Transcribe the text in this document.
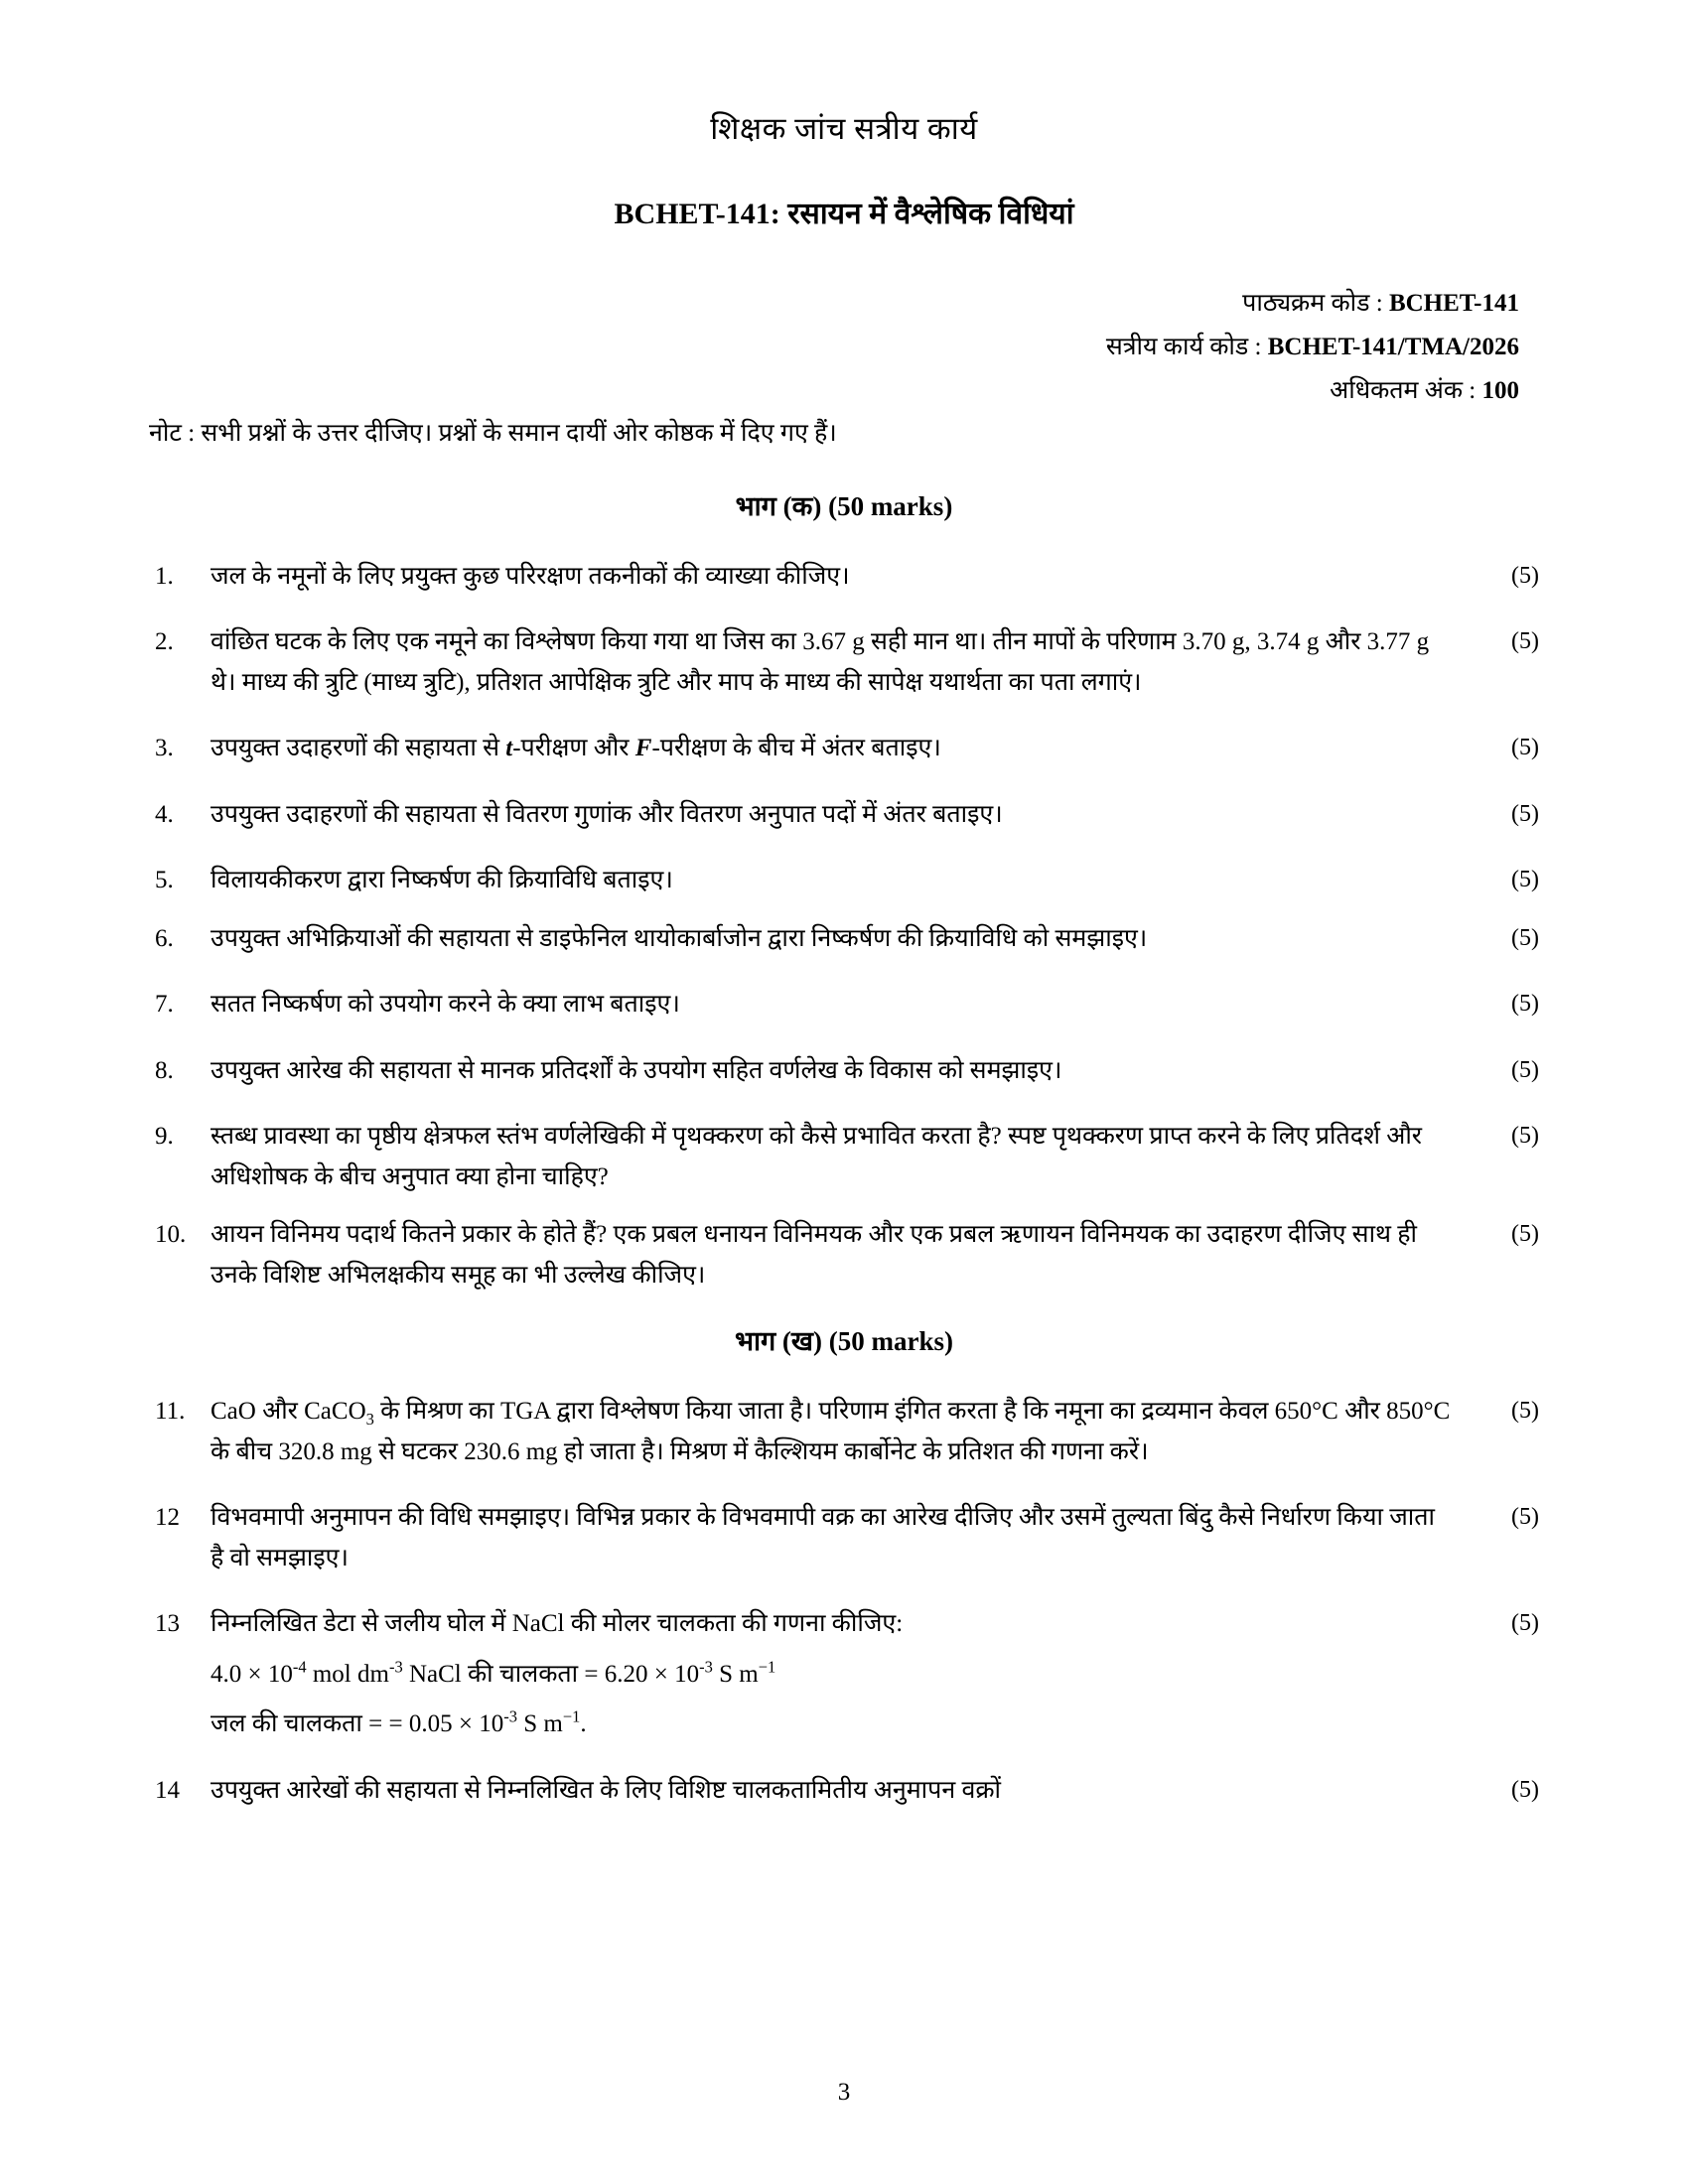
शिक्षक जांच सत्रीय कार्य
BCHET-141: रसायन में वैश्लेषिक विधियां
पाठ्यक्रम कोड : BCHET-141
सत्रीय कार्य कोड : BCHET-141/TMA/2026
अधिकतम अंक : 100
नोट : सभी प्रश्नों के उत्तर दीजिए। प्रश्नों के समान दायीं ओर कोष्ठक में दिए गए हैं।
भाग (क) (50 marks)
1.	जल के नमूनों के लिए प्रयुक्त कुछ परिरक्षण तकनीकों की व्याख्या कीजिए।	(5)
2.	वांछित घटक के लिए एक नमूने का विश्लेषण किया गया था जिस का 3.67 g सही मान था। तीन मापों के परिणाम 3.70 g, 3.74 g और 3.77 g थे। माध्य की त्रुटि (माध्य त्रुटि), प्रतिशत आपेक्षिक त्रुटि और माप के माध्य की सापेक्ष यथार्थता का पता लगाएं।
(5)
3.	उपयुक्त उदाहरणों की सहायता से t-परीक्षण और F-परीक्षण के बीच में अंतर बताइए।	(5)
4.	उपयुक्त उदाहरणों की सहायता से वितरण गुणांक और वितरण अनुपात पदों में अंतर बताइए।	(5)
5.	विलायकीकरण द्वारा निष्कर्षण की क्रियाविधि बताइए।	(5)
6.	उपयुक्त अभिक्रियाओं की सहायता से डाइफेनिल थायोकार्बाजोन द्वारा निष्कर्षण की क्रियाविधि को समझाइए।	(5)
7.	सतत निष्कर्षण को उपयोग करने के क्या लाभ बताइए।	(5)
8.	उपयुक्त आरेख की सहायता से मानक प्रतिदर्शों के उपयोग सहित वर्णलेख के विकास को समझाइए।	(5)
9.	स्तब्ध प्रावस्था का पृष्ठीय क्षेत्रफल स्तंभ वर्णलेखिकी में पृथक्करण को कैसे प्रभावित करता है? स्पष्ट पृथक्करण प्राप्त करने के लिए प्रतिदर्श और अधिशोषक के बीच अनुपात क्या होना चाहिए?
(5)
10. आयन विनिमय पदार्थ कितने प्रकार के होते हैं? एक प्रबल धनायन विनिमयक और एक प्रबल ऋणायन विनिमयक का उदाहरण दीजिए साथ ही उनके विशिष्ट अभिलक्षकीय समूह का भी उल्लेख कीजिए।
(5)
भाग (ख) (50 marks)
11.	CaO और CaCO$_3$ के मिश्रण का TGA द्वारा विश्लेषण किया जाता है। परिणाम इंगित करता है कि नमूना का द्रव्यमान केवल 650°C और 850°C के बीच 320.8 mg से घटकर 230.6 mg हो जाता है। मिश्रण में कैल्शियम कार्बोनेट के प्रतिशत की गणना करें।
(5)
12	विभवमापी अनुमापन की विधि समझाइए। विभिन्न प्रकार के विभवमापी वक्र का आरेख दीजिए और उसमें तुल्यता बिंदु कैसे निर्धारण किया जाता है वो समझाइए।
(5)
13	निम्नलिखित डेटा से जलीय घोल में NaCl की मोलर चालकता की गणना कीजिए:
$4.0 \times 10^{-4}$ mol $dm^{-3}$ NaCl की चालकता = $6.20 \times 10^{-3}$ S $m^{-1}$
जल की चालकता = = $0.05 \times 10^{-3}$ S $m^{-1}$.
(5)
14	उपयुक्त आरेखों की सहायता से निम्नलिखित के लिए विशिष्ट चालकतामितीय अनुमापन वक्रों	(5)
3
